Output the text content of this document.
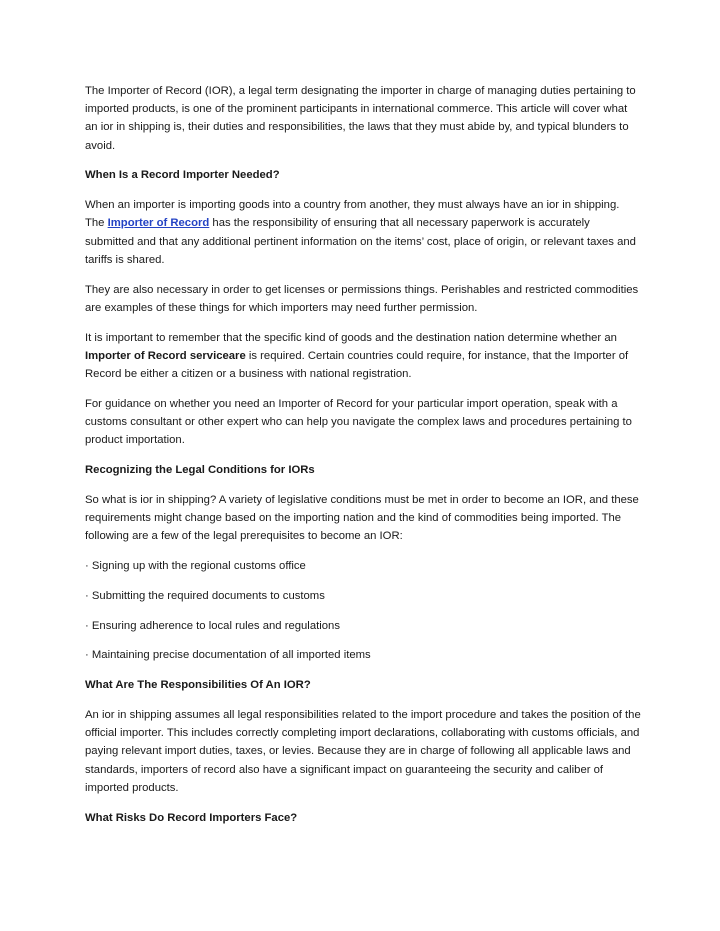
The Importer of Record (IOR), a legal term designating the importer in charge of managing duties pertaining to imported products, is one of the prominent participants in international commerce. This article will cover what an ior in shipping is, their duties and responsibilities, the laws that they must abide by, and typical blunders to avoid.

When Is a Record Importer Needed?

When an importer is importing goods into a country from another, they must always have an ior in shipping. The Importer of Record has the responsibility of ensuring that all necessary paperwork is accurately submitted and that any additional pertinent information on the items’ cost, place of origin, or relevant taxes and tariffs is shared.

They are also necessary in order to get licenses or permissions things. Perishables and restricted commodities are examples of these things for which importers may need further permission.

It is important to remember that the specific kind of goods and the destination nation determine whether an Importer of Record serviceare is required. Certain countries could require, for instance, that the Importer of Record be either a citizen or a business with national registration.

For guidance on whether you need an Importer of Record for your particular import operation, speak with a customs consultant or other expert who can help you navigate the complex laws and procedures pertaining to product importation.

Recognizing the Legal Conditions for IORs

So what is ior in shipping? A variety of legislative conditions must be met in order to become an IOR, and these requirements might change based on the importing nation and the kind of commodities being imported. The following are a few of the legal prerequisites to become an IOR:

· Signing up with the regional customs office

· Submitting the required documents to customs

· Ensuring adherence to local rules and regulations

· Maintaining precise documentation of all imported items

What Are The Responsibilities Of An IOR?

An ior in shipping assumes all legal responsibilities related to the import procedure and takes the position of the official importer. This includes correctly completing import declarations, collaborating with customs officials, and paying relevant import duties, taxes, or levies. Because they are in charge of following all applicable laws and standards, importers of record also have a significant impact on guaranteeing the security and caliber of imported products.

What Risks Do Record Importers Face?
